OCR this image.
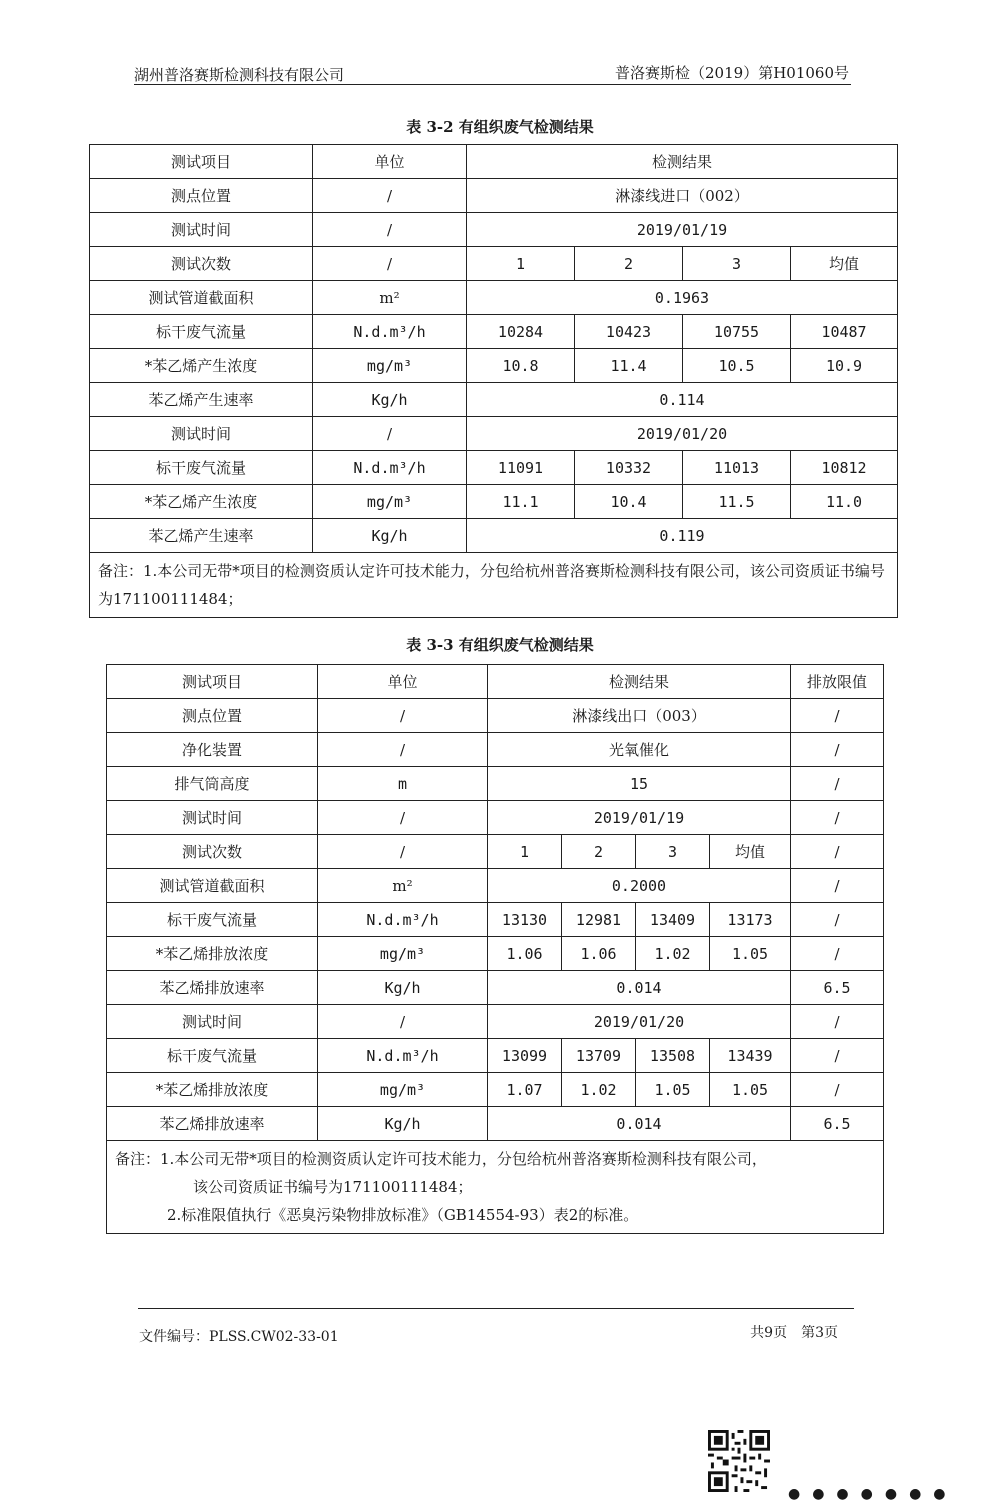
湖州普洛赛斯检测科技有限公司	普洛赛斯检（2019）第H01060号
表 3-2 有组织废气检测结果
测试项目	单位	检测结果			
测点位置	/	淋漆线进口（002）			
测试时间	/	2019/01/19			
测试次数	/	1	2	3	均值
测试管道截面积	m²	0.1963			
标干废气流量	N.d.m³/h	10284	10423	10755	10487
*苯乙烯产生浓度	mg/m³	10.8	11.4	10.5	10.9
苯乙烯产生速率	Kg/h	0.114			
测试时间	/	2019/01/20			
标干废气流量	N.d.m³/h	11091	10332	11013	10812
*苯乙烯产生浓度	mg/m³	11.1	10.4	11.5	11.0
苯乙烯产生速率	Kg/h	0.119			
备注：1.本公司无带*项目的检测资质认定许可技术能力，分包给杭州普洛赛斯检测科技有限公司，该公司资质证书编号为171100111484；					
表 3-3 有组织废气检测结果
测试项目	单位	检测结果				排放限值
测点位置	/	淋漆线出口（003）				/
净化装置	/	光氧催化				/
排气筒高度	m	15				/
测试时间	/	2019/01/19				/
测试次数	/	1	2	3	均值	/
测试管道截面积	m²	0.2000				/
标干废气流量	N.d.m³/h	13130	12981	13409	13173	/
*苯乙烯排放浓度	mg/m³	1.06	1.06	1.02	1.05	/
苯乙烯排放速率	Kg/h	0.014				6.5
测试时间	/	2019/01/20				/
标干废气流量	N.d.m³/h	13099	13709	13508	13439	/
*苯乙烯排放浓度	mg/m³	1.07	1.02	1.05	1.05	/
苯乙烯排放速率	Kg/h	0.014				6.5

备注：1.本公司无带*项目的检测资质认定许可技术能力，分包给杭州普洛赛斯检测科技有限公司，
该公司资质证书编号为171100111484；
2.标准限值执行《恶臭污染物排放标准》（GB14554-93）表2的标准。						
文件编号：PLSS.CW02-33-01	共9页　第3页
●●●●●●●
